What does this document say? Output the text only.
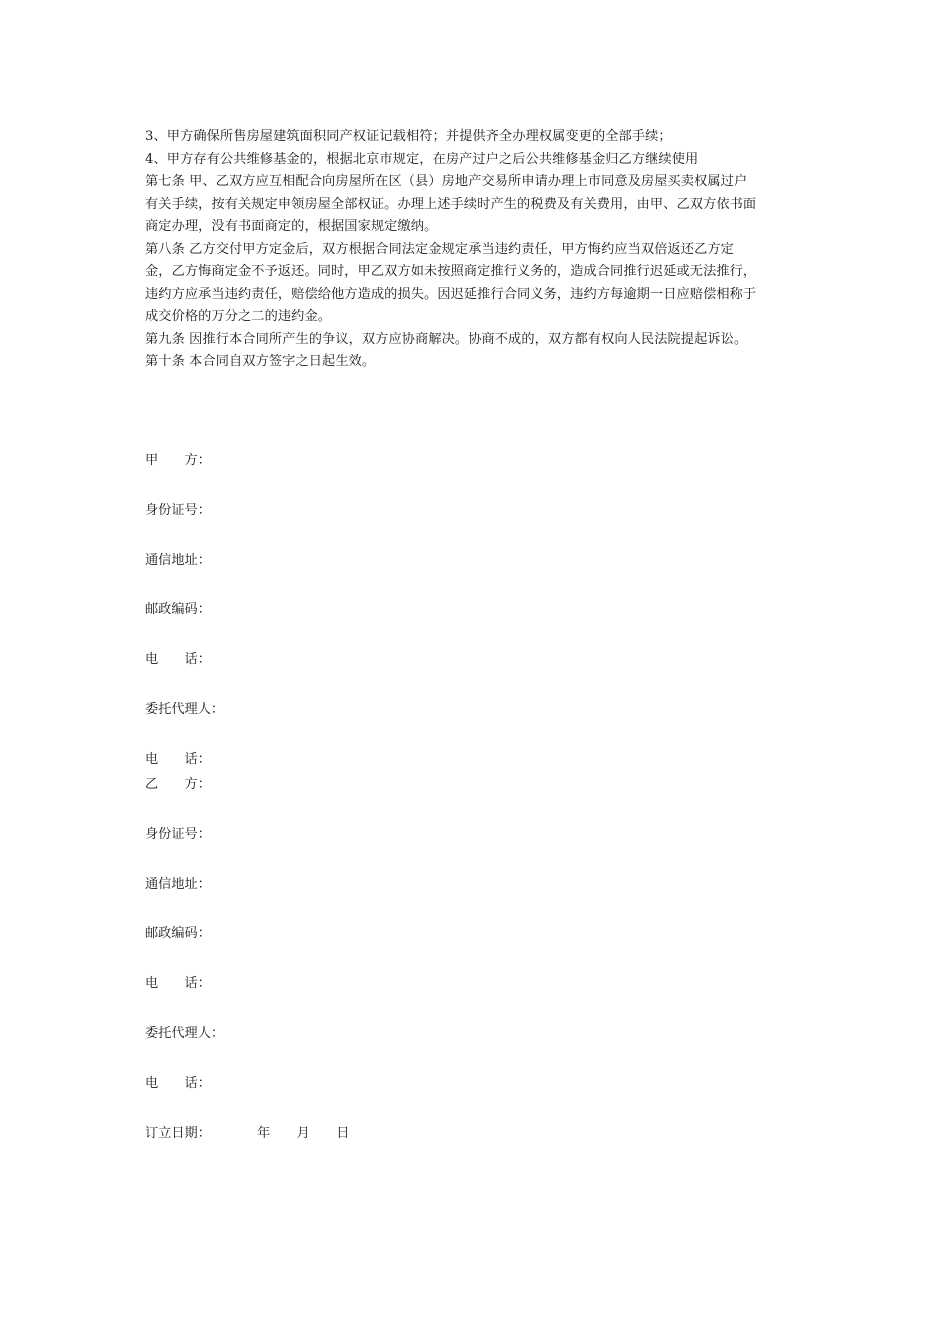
3、甲方确保所售房屋建筑面积同产权证记载相符；并提供齐全办理权属变更的全部手续；
4、甲方存有公共维修基金的，根据北京市规定，在房产过户之后公共维修基金归乙方继续使用
第七条 甲、乙双方应互相配合向房屋所在区（县）房地产交易所申请办理上市同意及房屋买卖权属过户
有关手续，按有关规定申领房屋全部权证。办理上述手续时产生的税费及有关费用，由甲、乙双方依书面
商定办理，没有书面商定的，根据国家规定缴纳。
第八条 乙方交付甲方定金后，双方根据合同法定金规定承当违约责任，甲方悔约应当双倍返还乙方定
金，乙方悔商定金不予返还。同时，甲乙双方如未按照商定推行义务的，造成合同推行迟延或无法推行，
违约方应承当违约责任，赔偿给他方造成的损失。因迟延推行合同义务，违约方每逾期一日应赔偿相称于
成交价格的万分之二的违约金。
第九条 因推行本合同所产生的争议，双方应协商解决。协商不成的，双方都有权向人民法院提起诉讼。
第十条 本合同自双方签字之日起生效。
甲　　方：
身份证号：
通信地址：
邮政编码：
电　　话：
委托代理人：
电　　话：
乙　　方：
身份证号：
通信地址：
邮政编码：
电　　话：
委托代理人：
电　　话：
订立日期：　　　　年　　月　　日
